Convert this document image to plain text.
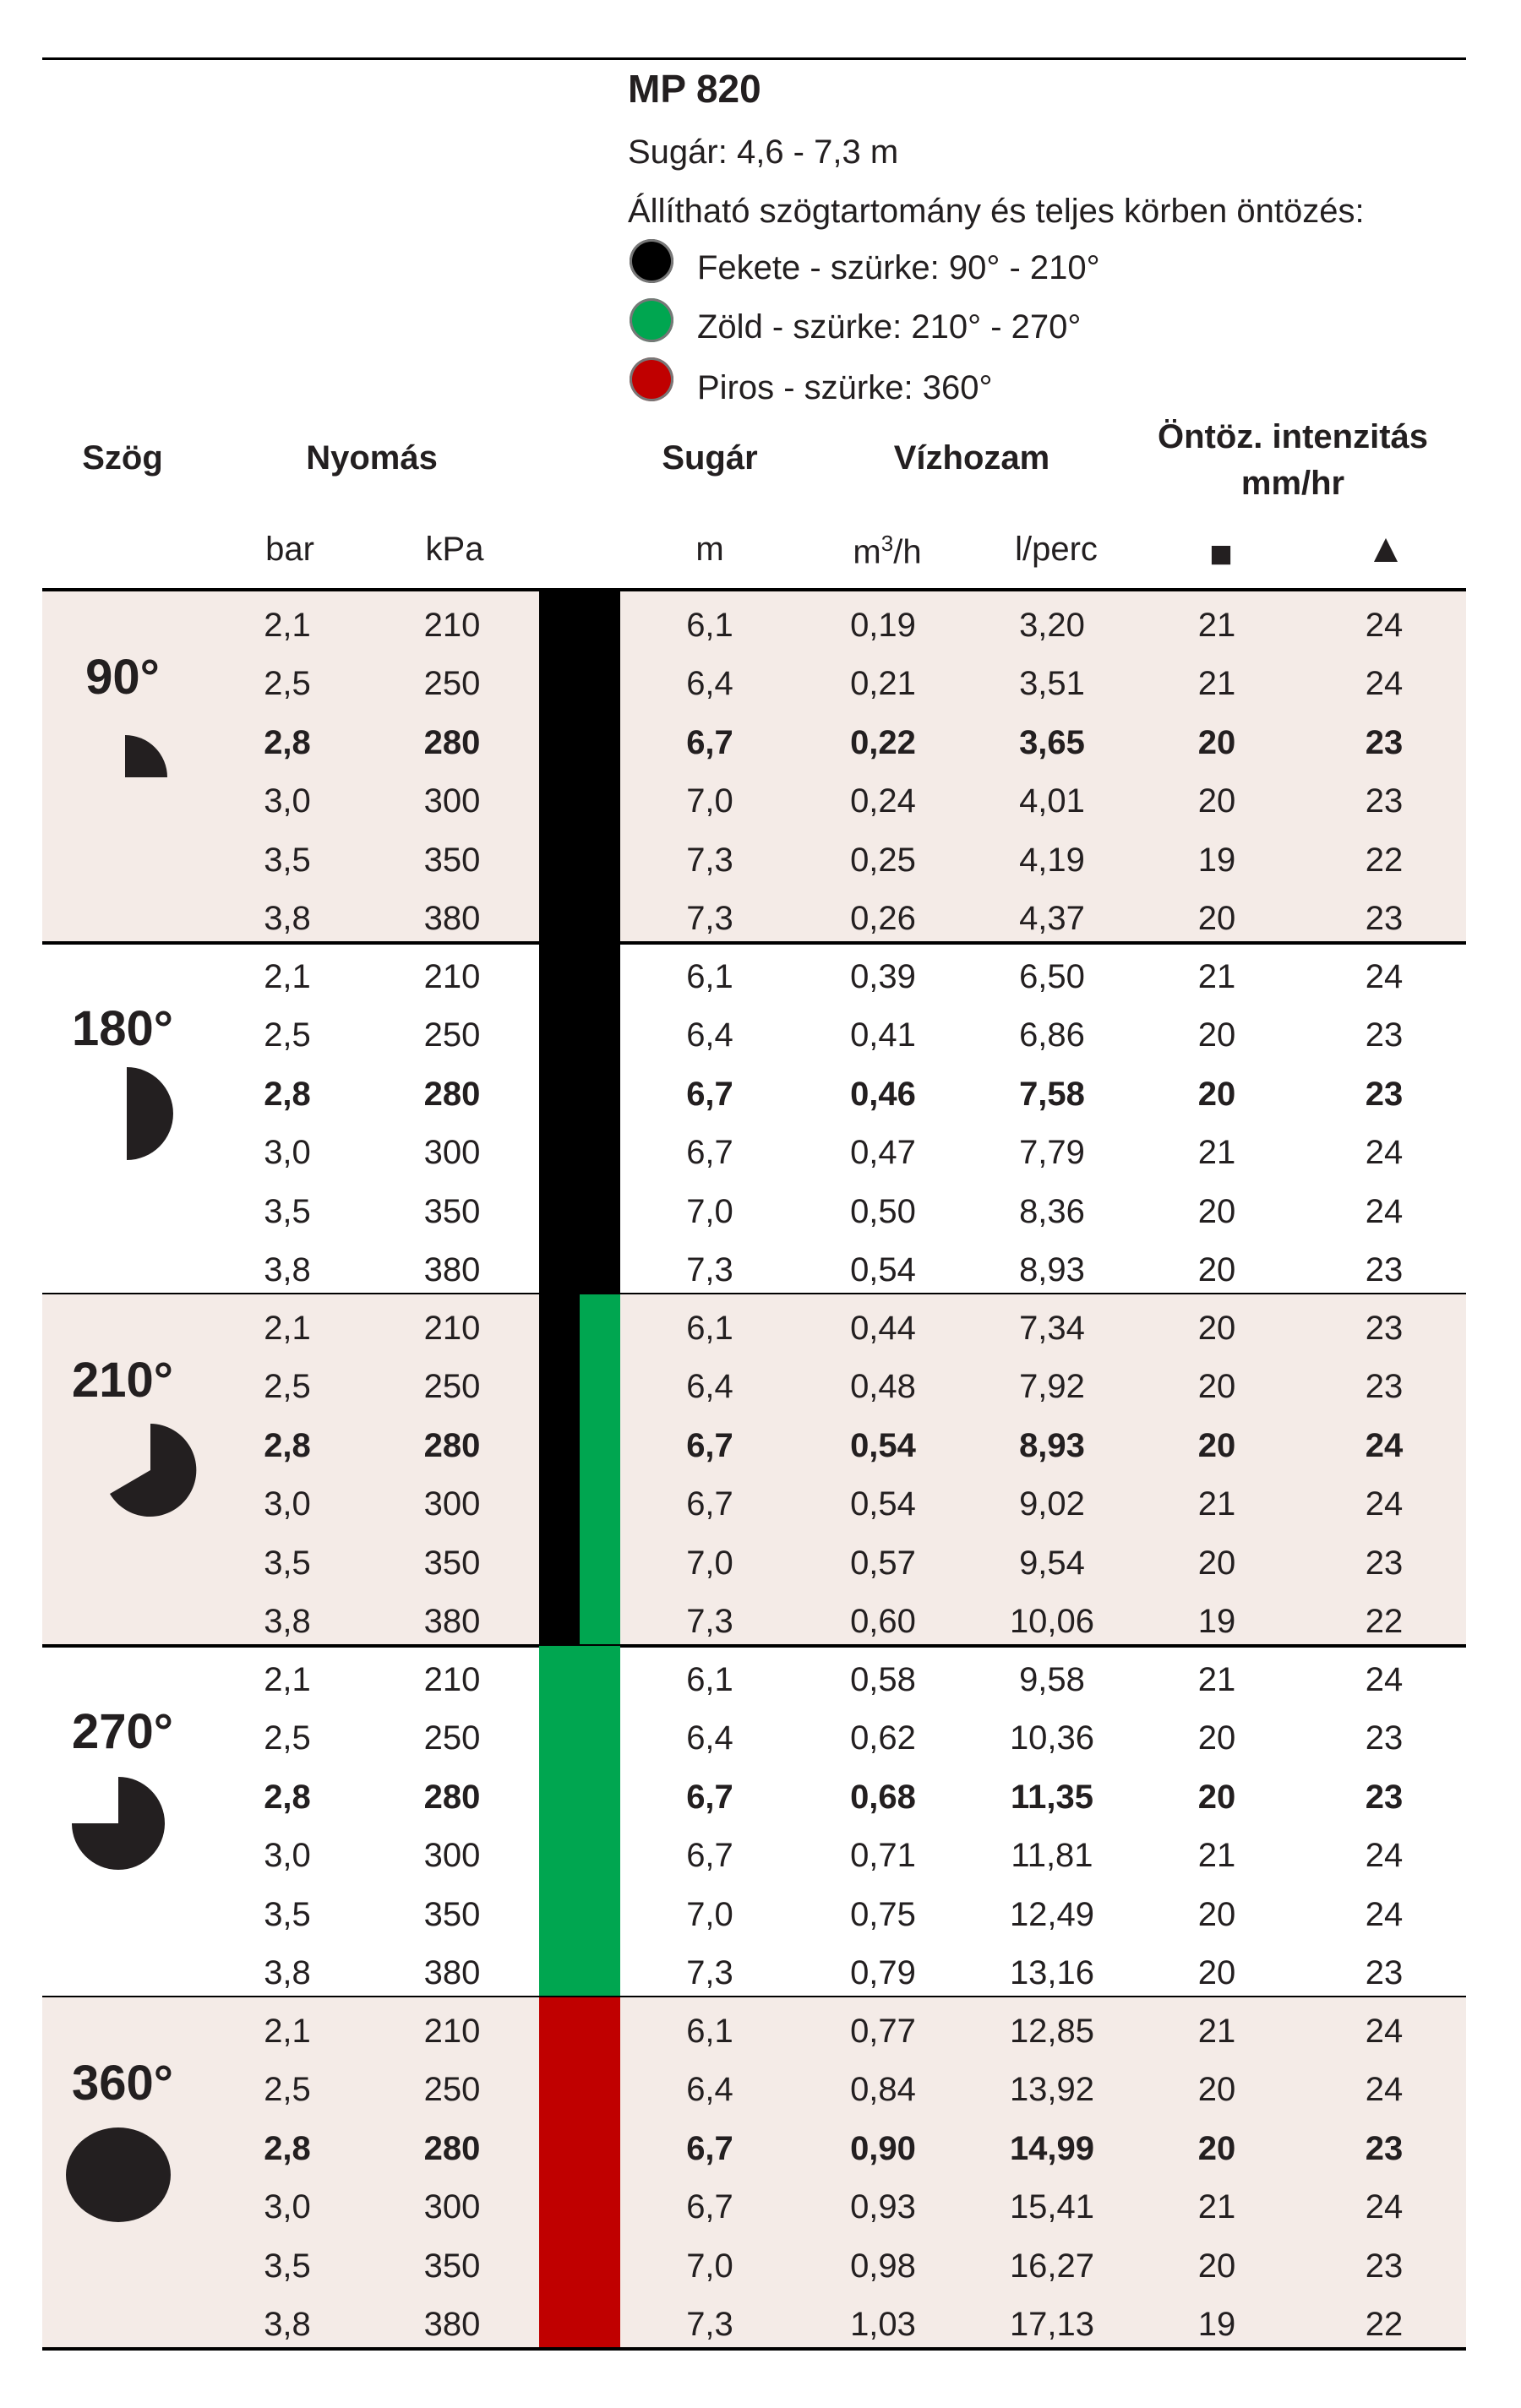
MP 820
Sugár: 4,6 - 7,3 m
Állítható szögtartomány és teljes körben öntözés:
Fekete - szürke: 90° - 210°
Zöld - szürke: 210° - 270°
Piros - szürke: 360°
Szög	Nyomás	Sugár	Vízhozam
Öntöz. intenzitás
mm/hr
bar	kPa	m	$m^3/h$	l/perc	■	▲
90°
2,1	210	6,1	0,19	3,20	21	24
2,5	250	6,4	0,21	3,51	21	24
2,8	280	6,7	0,22	3,65	20	23
3,0	300	7,0	0,24	4,01	20	23
3,5	350	7,3	0,25	4,19	19	22
3,8	380	7,3	0,26	4,37	20	23
180°
2,1	210	6,1	0,39	6,50	21	24
2,5	250	6,4	0,41	6,86	20	23
2,8	280	6,7	0,46	7,58	20	23
3,0	300	6,7	0,47	7,79	21	24
3,5	350	7,0	0,50	8,36	20	24
3,8	380	7,3	0,54	8,93	20	23
210°
2,1	210	6,1	0,44	7,34	20	23
2,5	250	6,4	0,48	7,92	20	23
2,8	280	6,7	0,54	8,93	20	24
3,0	300	6,7	0,54	9,02	21	24
3,5	350	7,0	0,57	9,54	20	23
3,8	380	7,3	0,60	10,06	19	22
270°
2,1	210	6,1	0,58	9,58	21	24
2,5	250	6,4	0,62	10,36	20	23
2,8	280	6,7	0,68	11,35	20	23
3,0	300	6,7	0,71	11,81	21	24
3,5	350	7,0	0,75	12,49	20	24
3,8	380	7,3	0,79	13,16	20	23
360°
2,1	210	6,1	0,77	12,85	21	24
2,5	250	6,4	0,84	13,92	20	24
2,8	280	6,7	0,90	14,99	20	23
3,0	300	6,7	0,93	15,41	21	24
3,5	350	7,0	0,98	16,27	20	23
3,8	380	7,3	1,03	17,13	19	22
